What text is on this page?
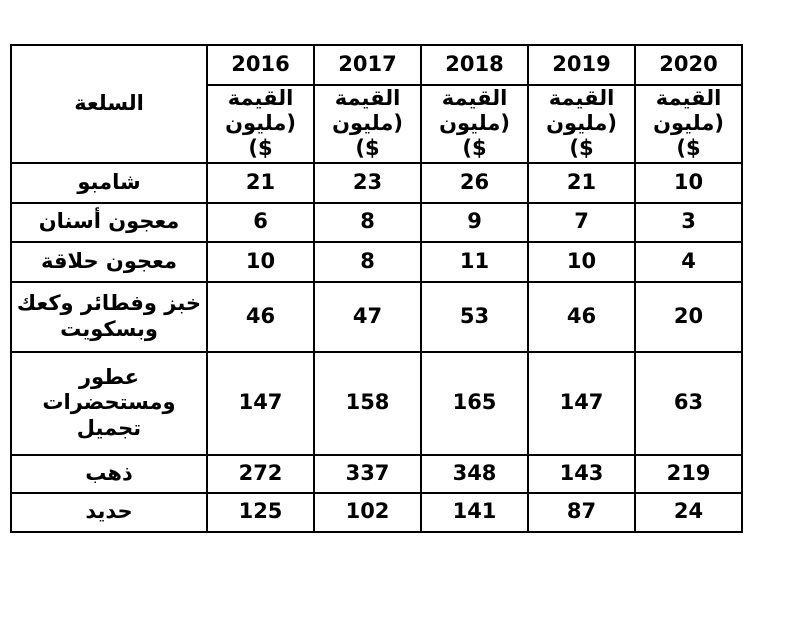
السلعة	2016	2017	2018	2019	2020
	القيمة (مليون $)	القيمة (مليون $)	القيمة (مليون $)	القيمة (مليون $)	القيمة (مليون $)
شامبو	21	23	26	21	10
معجون أسنان	6	8	9	7	3
معجون حلاقة	10	8	11	10	4
خبز وفطائر وكعك وبسكويت	46	47	53	46	20
عطور ومستحضرات تجميل	147	158	165	147	63
ذهب	272	337	348	143	219
حديد	125	102	141	87	24
